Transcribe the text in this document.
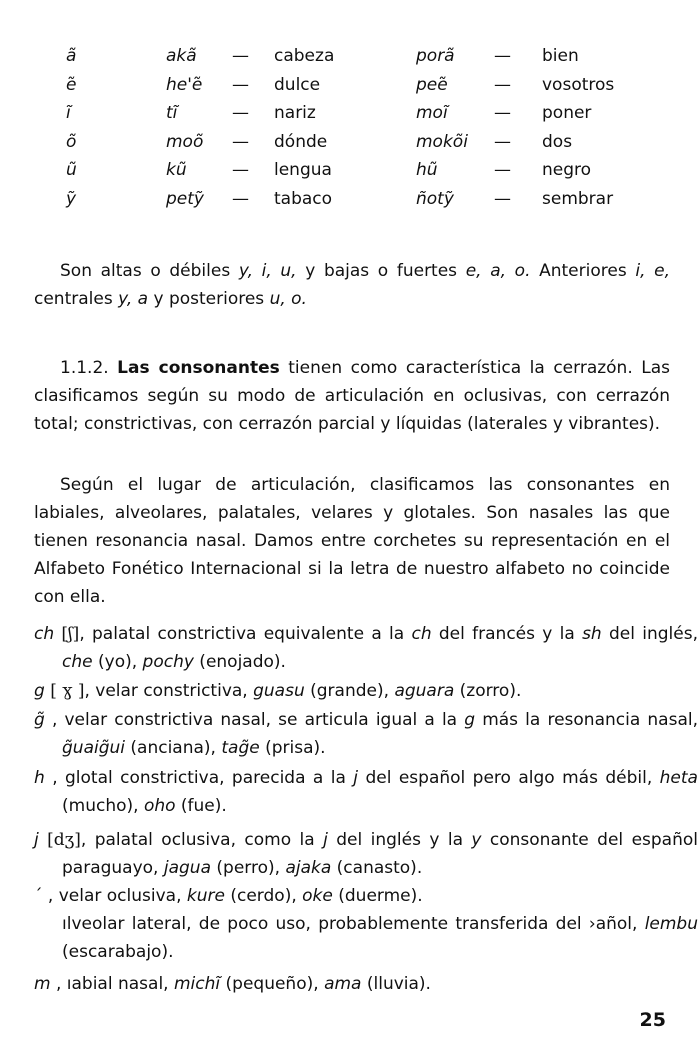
ã	akã — cabeza	porã — bien
ẽ	he'ẽ — dulce	peẽ	— vosotros
ĩ	tĩ	— nariz	moĩ	— poner
õ	moõ — dónde	mokõi — dos
ũ	kũ	— lengua	hũ	— negro
ỹ	petỹ — tabaco	ñotỹ — sembrar

Son altas o débiles y, i, u, y bajas o fuertes e, a, o. Anteriores i, e, centrales y, a y posteriores u, o.

1.1.2. Las consonantes tienen como característica la cerrazón. Las clasificamos según su modo de articulación en oclusivas, con cerrazón total; constrictivas, con cerrazón parcial y líquidas (laterales y vibrantes).

Según el lugar de articulación, clasificamos las consonantes en labiales, alveolares, palatales, velares y glotales. Son nasales las que tienen resonancia nasal. Damos entre corchetes su representación en el Alfabeto Fonético Internacional si la letra de nuestro alfabeto no coincide con ella.

ch [ʃ], palatal constrictiva equivalente a la ch del francés y la sh del inglés, che (yo), pochy (enojado).

g [ ɣ ], velar constrictiva, guasu (grande), aguara (zorro).

g̃ , velar constrictiva nasal, se articula igual a la g más la resonancia nasal, g̃uaig̃ui (anciana), tag̃e (prisa).

h , glotal constrictiva, parecida a la j del español pero algo más débil, heta (mucho), oho (fue).

j [dʒ], palatal oclusiva, como la j del inglés y la y consonante del español paraguayo, jagua (perro), ajaka (canasto).

´ , velar oclusiva, kure (cerdo), oke (duerme).

ılveolar lateral, de poco uso, probablemente transferida del ›añol, lembu (escarabajo).

m , ıabial nasal, michĩ (pequeño), ama (lluvia).

25
